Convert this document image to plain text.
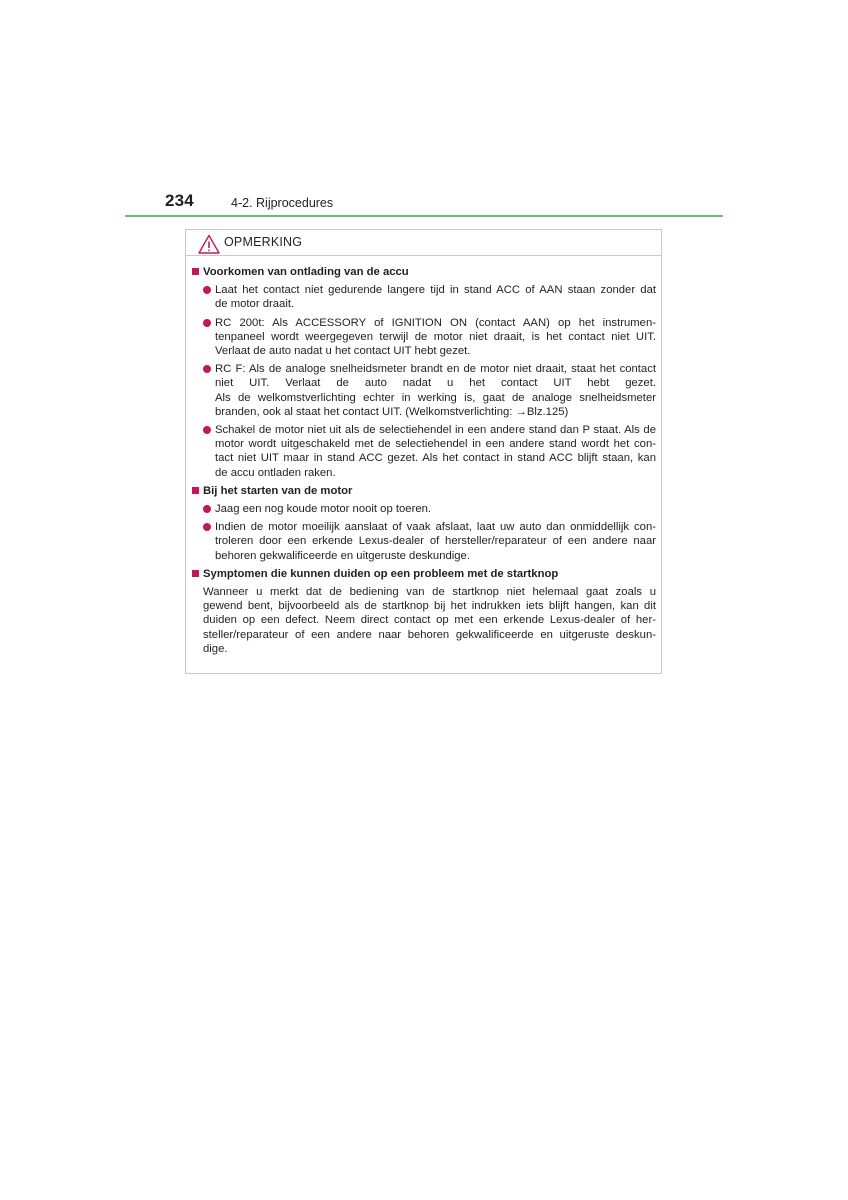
234	4-2. Rijprocedures
OPMERKING
Voorkomen van ontlading van de accu
Laat het contact niet gedurende langere tijd in stand ACC of AAN staan zonder dat
de motor draait.
RC 200t: Als ACCESSORY of IGNITION ON (contact AAN) op het instrumen-
tenpaneel wordt weergegeven terwijl de motor niet draait, is het contact niet UIT.
Verlaat de auto nadat u het contact UIT hebt gezet.
RC F: Als de analoge snelheidsmeter brandt en de motor niet draait, staat het contact
niet UIT. Verlaat de auto nadat u het contact UIT hebt gezet.
Als de welkomstverlichting echter in werking is, gaat de analoge snelheidsmeter
branden, ook al staat het contact UIT. (Welkomstverlichting: →Blz.125)
Schakel de motor niet uit als de selectiehendel in een andere stand dan P staat. Als de
motor wordt uitgeschakeld met de selectiehendel in een andere stand wordt het con-
tact niet UIT maar in stand ACC gezet. Als het contact in stand ACC blijft staan, kan
de accu ontladen raken.
Bij het starten van de motor
Jaag een nog koude motor nooit op toeren.
Indien de motor moeilijk aanslaat of vaak afslaat, laat uw auto dan onmiddellijk con-
troleren door een erkende Lexus-dealer of hersteller/reparateur of een andere naar
behoren gekwalificeerde en uitgeruste deskundige.
Symptomen die kunnen duiden op een probleem met de startknop
Wanneer u merkt dat de bediening van de startknop niet helemaal gaat zoals u
gewend bent, bijvoorbeeld als de startknop bij het indrukken iets blijft hangen, kan dit
duiden op een defect. Neem direct contact op met een erkende Lexus-dealer of her-
steller/reparateur of een andere naar behoren gekwalificeerde en uitgeruste deskun-
dige.
